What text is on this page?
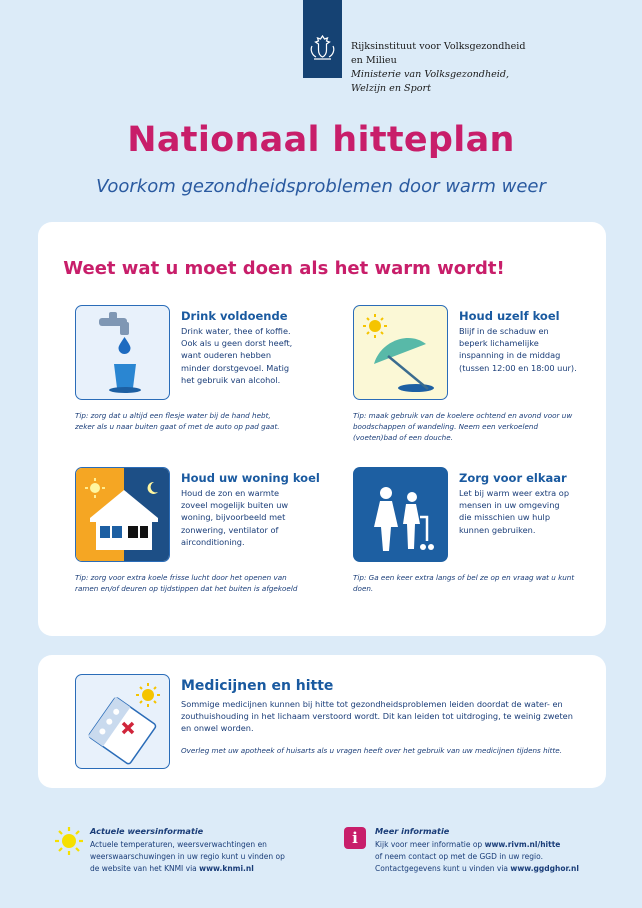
Rijksinstituut voor Volksgezondheid
en Milieu
Ministerie van Volksgezondheid,
Welzijn en Sport
Nationaal hitteplan
Voorkom gezondheidsproblemen door warm weer
Weet wat u moet doen als het warm wordt!
Drink voldoende
Drink water, thee of koffie.
Ook als u geen dorst heeft,
want ouderen hebben
minder dorstgevoel. Matig
het gebruik van alcohol.
Tip: zorg dat u altijd een flesje water bij de hand hebt,
zeker als u naar buiten gaat of met de auto op pad gaat.
Houd uzelf koel
Blijf in de schaduw en
beperk lichamelijke
inspanning in de middag
(tussen 12:00 en 18:00 uur).
Tip: maak gebruik van de koelere ochtend en avond voor uw
boodschappen of wandeling. Neem een verkoelend
(voeten)bad of een douche.
Houd uw woning koel
Houd de zon en warmte
zoveel mogelijk buiten uw
woning, bijvoorbeeld met
zonwering, ventilator of
airconditioning.
Tip: zorg voor extra koele frisse lucht door het openen van
ramen en/of deuren op tijdstippen dat het buiten is afgekoeld
Zorg voor elkaar
Let bij warm weer extra op
mensen in uw omgeving
die misschien uw hulp
kunnen gebruiken.
Tip: Ga een keer extra langs of bel ze op en vraag wat u kunt
doen.
Medicijnen en hitte
Sommige medicijnen kunnen bij hitte tot gezondheidsproblemen leiden doordat de water- en
zouthuishouding in het lichaam verstoord wordt. Dit kan leiden tot uitdroging, te weinig zweten
en onwel worden.
Overleg met uw apotheek of huisarts als u vragen heeft over het gebruik van uw medicijnen tijdens hitte.
Actuele weersinformatie
Actuele temperaturen, weersverwachtingen en
weerswaarschuwingen in uw regio kunt u vinden op
de website van het KNMI via www.knmi.nl
i	Meer informatie
Kijk voor meer informatie op www.rivm.nl/hitte
of neem contact op met de GGD in uw regio.
Contactgegevens kunt u vinden via www.ggdghor.nl
